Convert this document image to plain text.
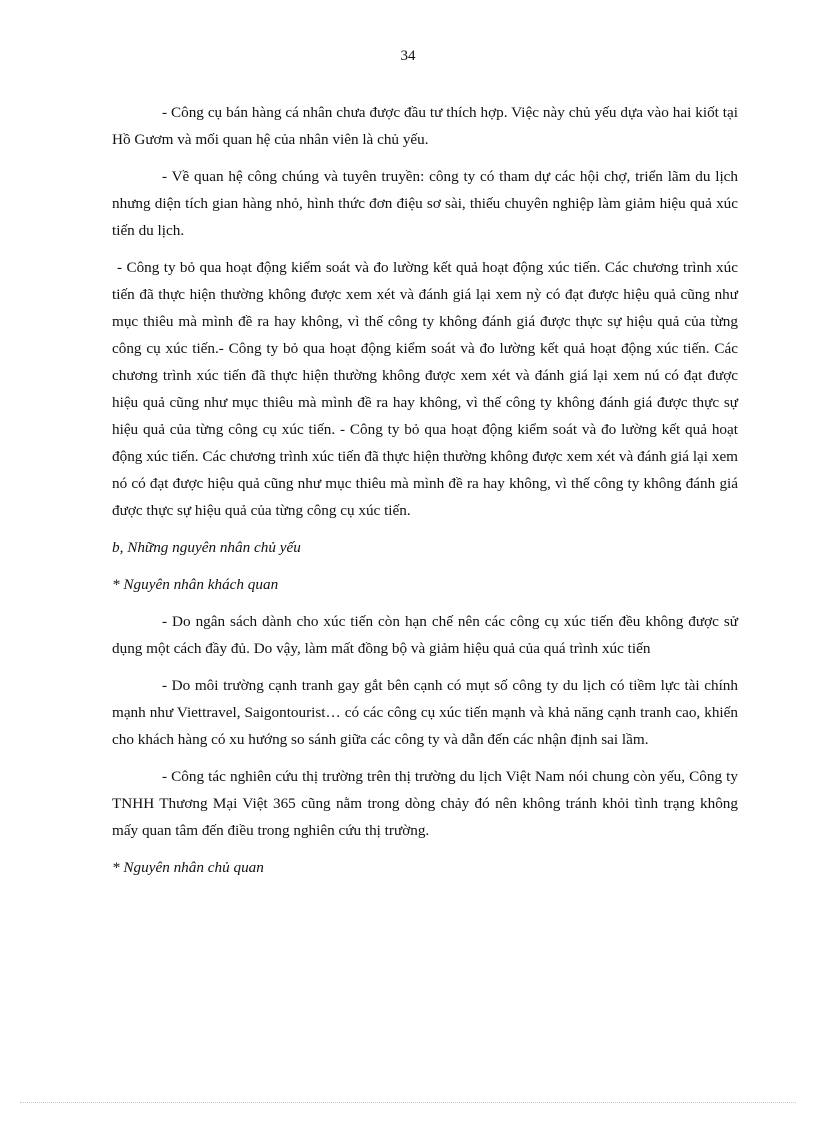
34

- Công cụ bán hàng cá nhân chưa được đầu tư thích hợp. Việc này chủ yếu dựa vào hai kiốt tại Hồ Gươm và mối quan hệ của nhân viên là chủ yếu.

- Về quan hệ công chúng và tuyên truyền: công ty có tham dự các hội chợ, triển lãm du lịch nhưng diện tích gian hàng nhỏ, hình thức đơn điệu sơ sài, thiếu chuyên nghiệp làm giảm hiệu quả xúc tiến du lịch.

- Công ty bỏ qua hoạt động kiểm soát và đo lường kết quả hoạt động xúc tiến. Các chương trình xúc tiến đã thực hiện thường không được xem xét và đánh giá lại xem nỳ có đạt được hiệu quả cũng như mục thiêu mà mình đề ra hay không, vì thế công ty không đánh giá được thực sự hiệu quả của từng công cụ xúc tiến.- Công ty bỏ qua hoạt động kiểm soát và đo lường kết quả hoạt động xúc tiến. Các chương trình xúc tiến đã thực hiện thường không được xem xét và đánh giá lại xem nú có đạt được hiệu quả cũng như mục thiêu mà mình đề ra hay không, vì thế công ty không đánh giá được thực sự hiệu quả của từng công cụ xúc tiến. - Công ty bỏ qua hoạt động kiểm soát và đo lường kết quả hoạt động xúc tiến. Các chương trình xúc tiến đã thực hiện thường không được xem xét và đánh giá lại xem nó có đạt được hiệu quả cũng như mục thiêu mà mình đề ra hay không, vì thế công ty không đánh giá được thực sự hiệu quả của từng công cụ xúc tiến.

b, Những nguyên nhân chủ yếu

* Nguyên nhân khách quan

- Do ngân sách dành cho xúc tiến còn hạn chế nên các công cụ xúc tiến đều không được sử dụng một cách đầy đủ. Do vậy, làm mất đồng bộ và giảm hiệu quả của quá trình xúc tiến

- Do môi trường cạnh tranh gay gắt bên cạnh có mụt số công ty du lịch có tiềm lực tài chính mạnh như Viettravel, Saigontourist… có các công cụ xúc tiến mạnh và khả năng cạnh tranh cao, khiến cho khách hàng có xu hướng so sánh giữa các công ty và dẫn đến các nhận định sai lầm.

- Công tác nghiên cứu thị trường trên thị trường du lịch Việt Nam nói chung còn yếu, Công ty TNHH Thương Mại Việt 365 cũng nằm trong dòng chảy đó nên không tránh khỏi tình trạng không mấy quan tâm đến điều trong nghiên cứu thị trường.

* Nguyên nhân chủ quan
